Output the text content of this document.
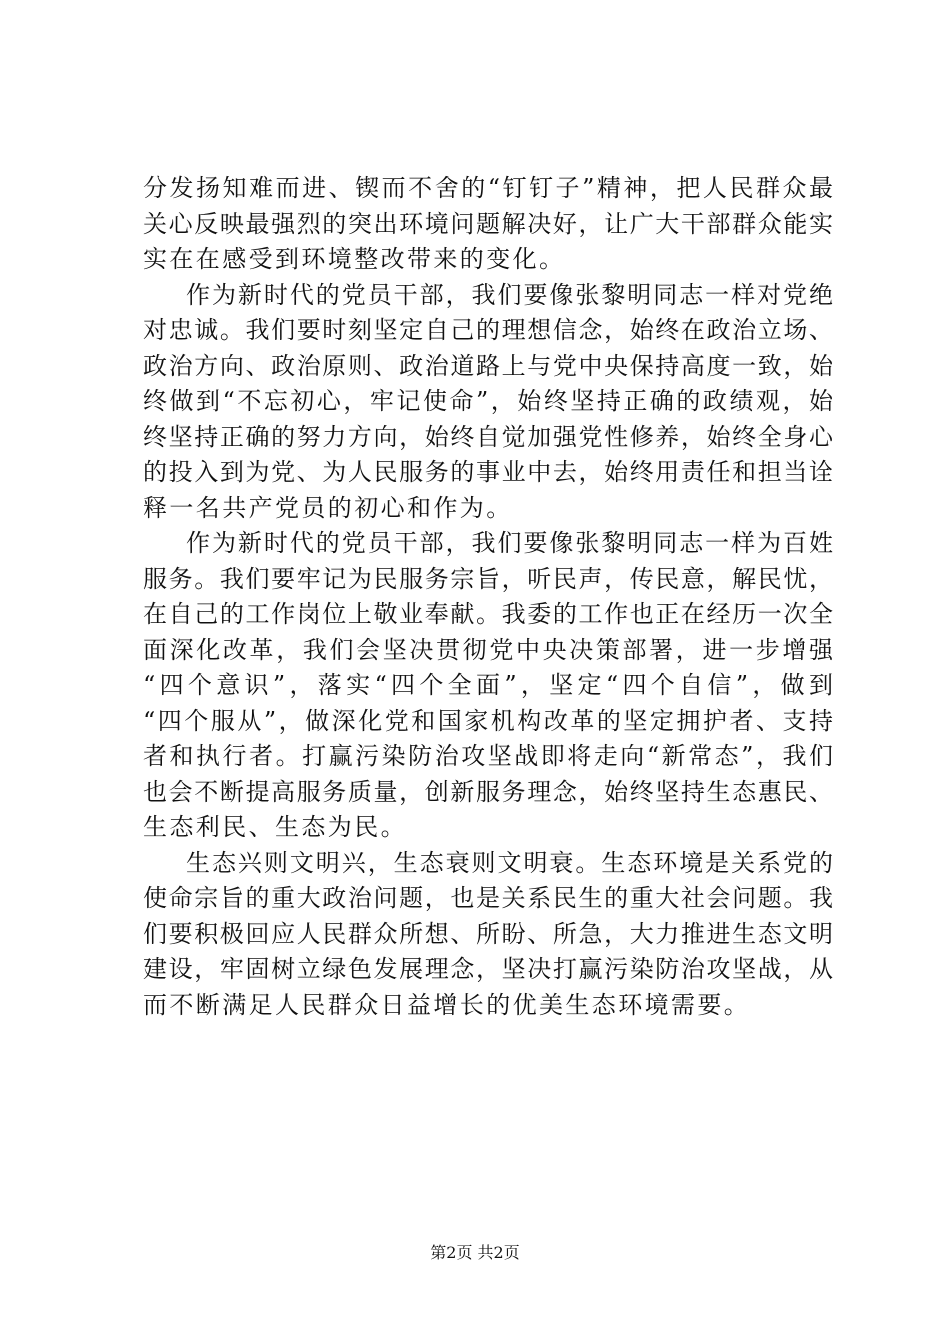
分发扬知难而进、锲而不舍的“钉钉子”精神，把人民群众最
关心反映最强烈的突出环境问题解决好，让广大干部群众能实
实在在感受到环境整改带来的变化。
作为新时代的党员干部，我们要像张黎明同志一样对党绝
对忠诚。我们要时刻坚定自己的理想信念，始终在政治立场、
政治方向、政治原则、政治道路上与党中央保持高度一致，始
终做到“不忘初心，牢记使命”，始终坚持正确的政绩观，始
终坚持正确的努力方向，始终自觉加强党性修养，始终全身心
的投入到为党、为人民服务的事业中去，始终用责任和担当诠
释一名共产党员的初心和作为。
作为新时代的党员干部，我们要像张黎明同志一样为百姓
服务。我们要牢记为民服务宗旨，听民声，传民意，解民忧，
在自己的工作岗位上敬业奉献。我委的工作也正在经历一次全
面深化改革，我们会坚决贯彻党中央决策部署，进一步增强
“四个意识”，落实“四个全面”，坚定“四个自信”，做到
“四个服从”，做深化党和国家机构改革的坚定拥护者、支持
者和执行者。打赢污染防治攻坚战即将走向“新常态”，我们
也会不断提高服务质量，创新服务理念，始终坚持生态惠民、
生态利民、生态为民。
生态兴则文明兴，生态衰则文明衰。生态环境是关系党的
使命宗旨的重大政治问题，也是关系民生的重大社会问题。我
们要积极回应人民群众所想、所盼、所急，大力推进生态文明
建设，牢固树立绿色发展理念，坚决打赢污染防治攻坚战，从
而不断满足人民群众日益增长的优美生态环境需要。
第2页 共2页
